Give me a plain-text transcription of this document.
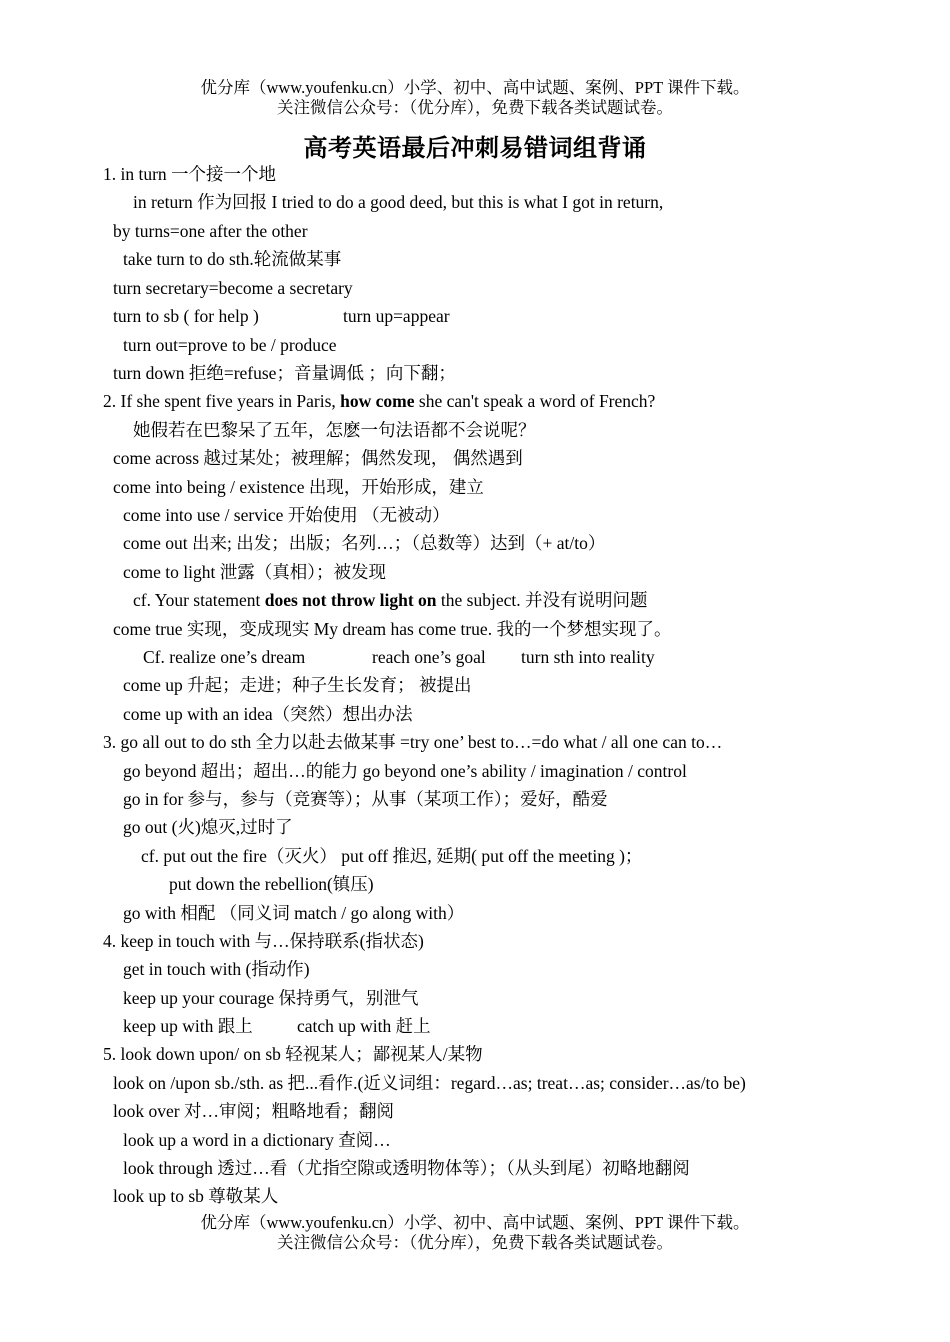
优分库（www.youfenku.cn）小学、初中、高中试题、案例、PPT 课件下载。
关注微信公众号：（优分库），免费下载各类试题试卷。
高考英语最后冲刺易错词组背诵
1. in turn 一个接一个地
in return 作为回报 I tried to do a good deed, but this is what I got in return,
by turns=one after the other
take turn to do sth.轮流做某事
turn secretary=become a secretary
turn to sb ( for help )	turn up=appear
turn out=prove to be / produce
turn down 拒绝=refuse；音量调低 ；向下翻；
2. If she spent five years in Paris, how come she can't speak a word of French?
她假若在巴黎呆了五年，怎麽一句法语都不会说呢？
come across 越过某处；被理解；偶然发现， 偶然遇到
come into being / existence 出现，开始形成，建立
come into use / service 开始使用 （无被动）
come out 出来; 出发；出版；名列…；（总数等）达到（+ at/to）
come to light 泄露（真相）；被发现
cf. Your statement does not throw light on the subject. 并没有说明问题
come true 实现，变成现实 My dream has come true. 我的一个梦想实现了。
Cf. realize one’s dream	reach one’s goal turn sth into reality
come up 升起；走进；种子生长发育； 被提出
come up with an idea（突然）想出办法
3. go all out to do sth 全力以赴去做某事 =try one’ best to…=do what / all one can to…
go beyond 超出；超出…的能力 go beyond one’s ability / imagination / control
go in for 参与，参与（竞赛等）；从事（某项工作）；爱好，酷爱
go out (火)熄灭,过时了
cf. put out the fire（灭火） put off 推迟, 延期( put off the meeting )；
put down the rebellion(镇压)
go with 相配 （同义词 match / go along with）
4. keep in touch with 与…保持联系(指状态)
get in touch with (指动作)
keep up your courage 保持勇气，别泄气
keep up with 跟上	catch up with 赶上
5. look down upon/ on sb 轻视某人；鄙视某人/某物
look on /upon sb./sth. as 把...看作.(近义词组：regard…as; treat…as; consider…as/to be)
look over 对…审阅；粗略地看；翻阅
look up a word in a dictionary 查阅…
look through 透过…看（尤指空隙或透明物体等）；（从头到尾）初略地翻阅
look up to sb 尊敬某人
优分库（www.youfenku.cn）小学、初中、高中试题、案例、PPT 课件下载。
关注微信公众号：（优分库），免费下载各类试题试卷。
